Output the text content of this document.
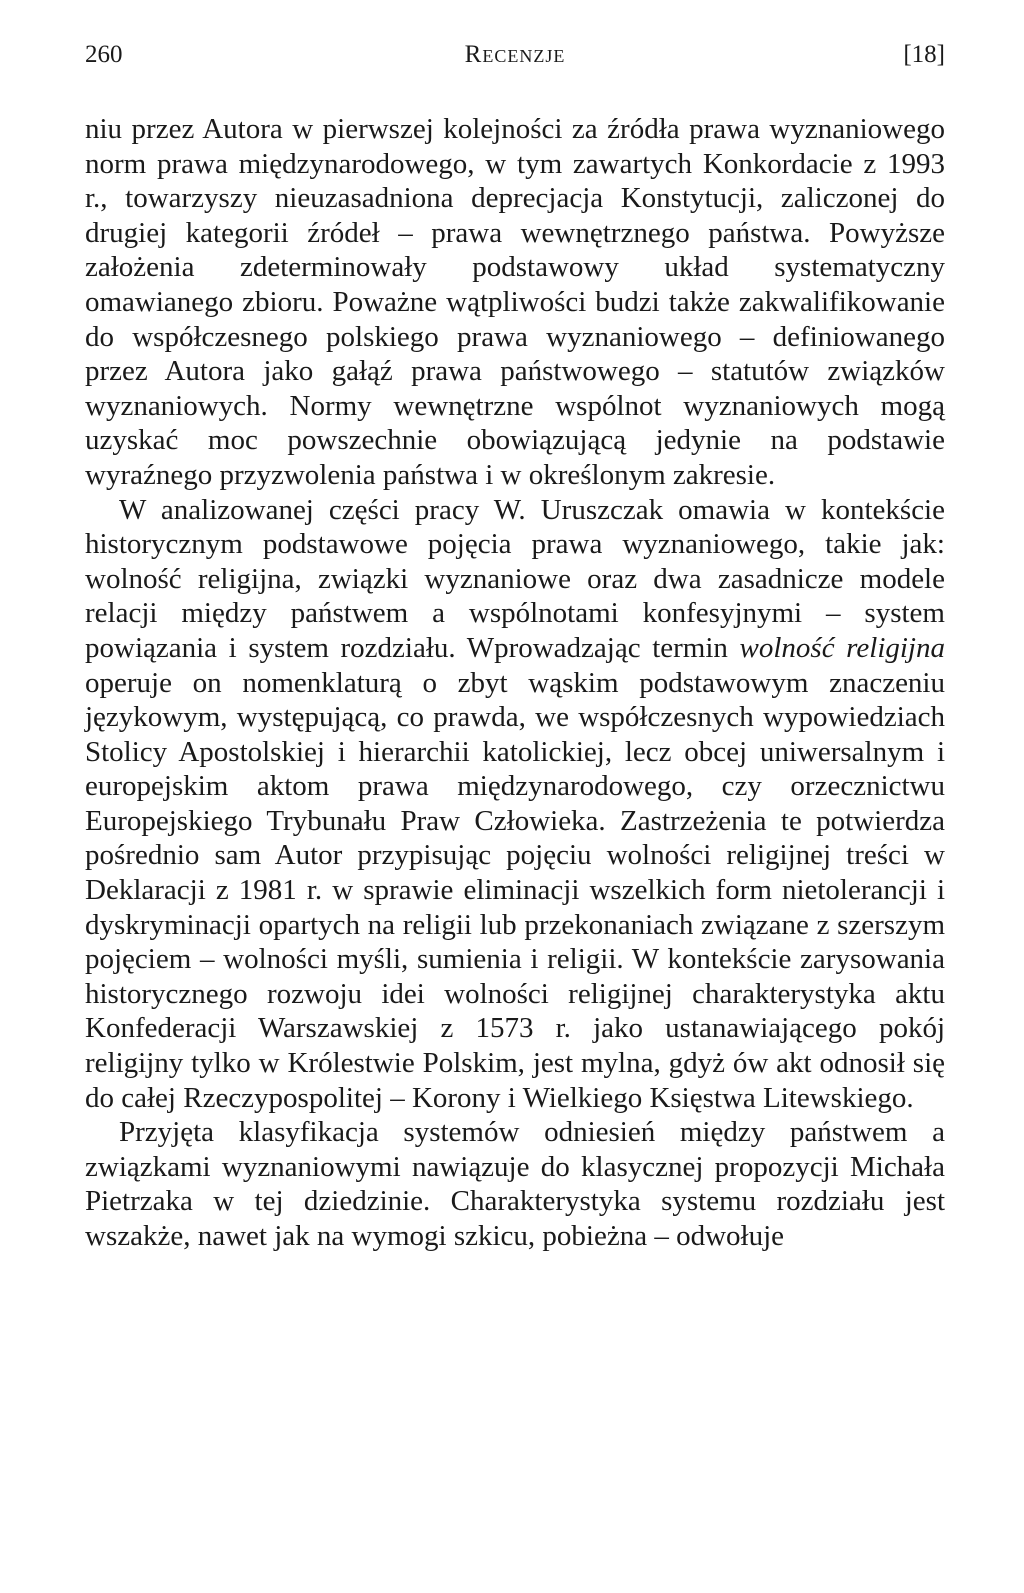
260	Recenzje	[18]

niu przez Autora w pierwszej kolejności za źródła prawa wyznaniowego norm prawa międzynarodowego, w tym zawartych Konkordacie z 1993 r., towarzyszy nieuzasadniona deprecjacja Konstytucji, zaliczonej do drugiej kategorii źródeł – prawa wewnętrznego państwa. Powyższe założenia zdeterminowały podstawowy układ systematyczny omawianego zbioru. Poważne wątpliwości budzi także zakwalifikowanie do współczesnego polskiego prawa wyznaniowego – definiowanego przez Autora jako gałąź prawa państwowego – statutów związków wyznaniowych. Normy wewnętrzne wspólnot wyznaniowych mogą uzyskać moc powszechnie obowiązującą jedynie na podstawie wyraźnego przyzwolenia państwa i w określonym zakresie.

W analizowanej części pracy W. Uruszczak omawia w kontekście historycznym podstawowe pojęcia prawa wyznaniowego, takie jak: wolność religijna, związki wyznaniowe oraz dwa zasadnicze modele relacji między państwem a wspólnotami konfesyjnymi – system powiązania i system rozdziału. Wprowadzając termin wolność religijna operuje on nomenklaturą o zbyt wąskim podstawowym znaczeniu językowym, występującą, co prawda, we współczesnych wypowiedziach Stolicy Apostolskiej i hierarchii katolickiej, lecz obcej uniwersalnym i europejskim aktom prawa międzynarodowego, czy orzecznictwu Europejskiego Trybunału Praw Człowieka. Zastrzeżenia te potwierdza pośrednio sam Autor przypisując pojęciu wolności religijnej treści w Deklaracji z 1981 r. w sprawie eliminacji wszelkich form nietolerancji i dyskryminacji opartych na religii lub przekonaniach związane z szerszym pojęciem – wolności myśli, sumienia i religii. W kontekście zarysowania historycznego rozwoju idei wolności religijnej charakterystyka aktu Konfederacji Warszawskiej z 1573 r. jako ustanawiającego pokój religijny tylko w Królestwie Polskim, jest mylna, gdyż ów akt odnosił się do całej Rzeczypospolitej – Korony i Wielkiego Księstwa Litewskiego.

Przyjęta klasyfikacja systemów odniesień między państwem a związkami wyznaniowymi nawiązuje do klasycznej propozycji Michała Pietrzaka w tej dziedzinie. Charakterystyka systemu rozdziału jest wszakże, nawet jak na wymogi szkicu, pobieżna – odwołuje
